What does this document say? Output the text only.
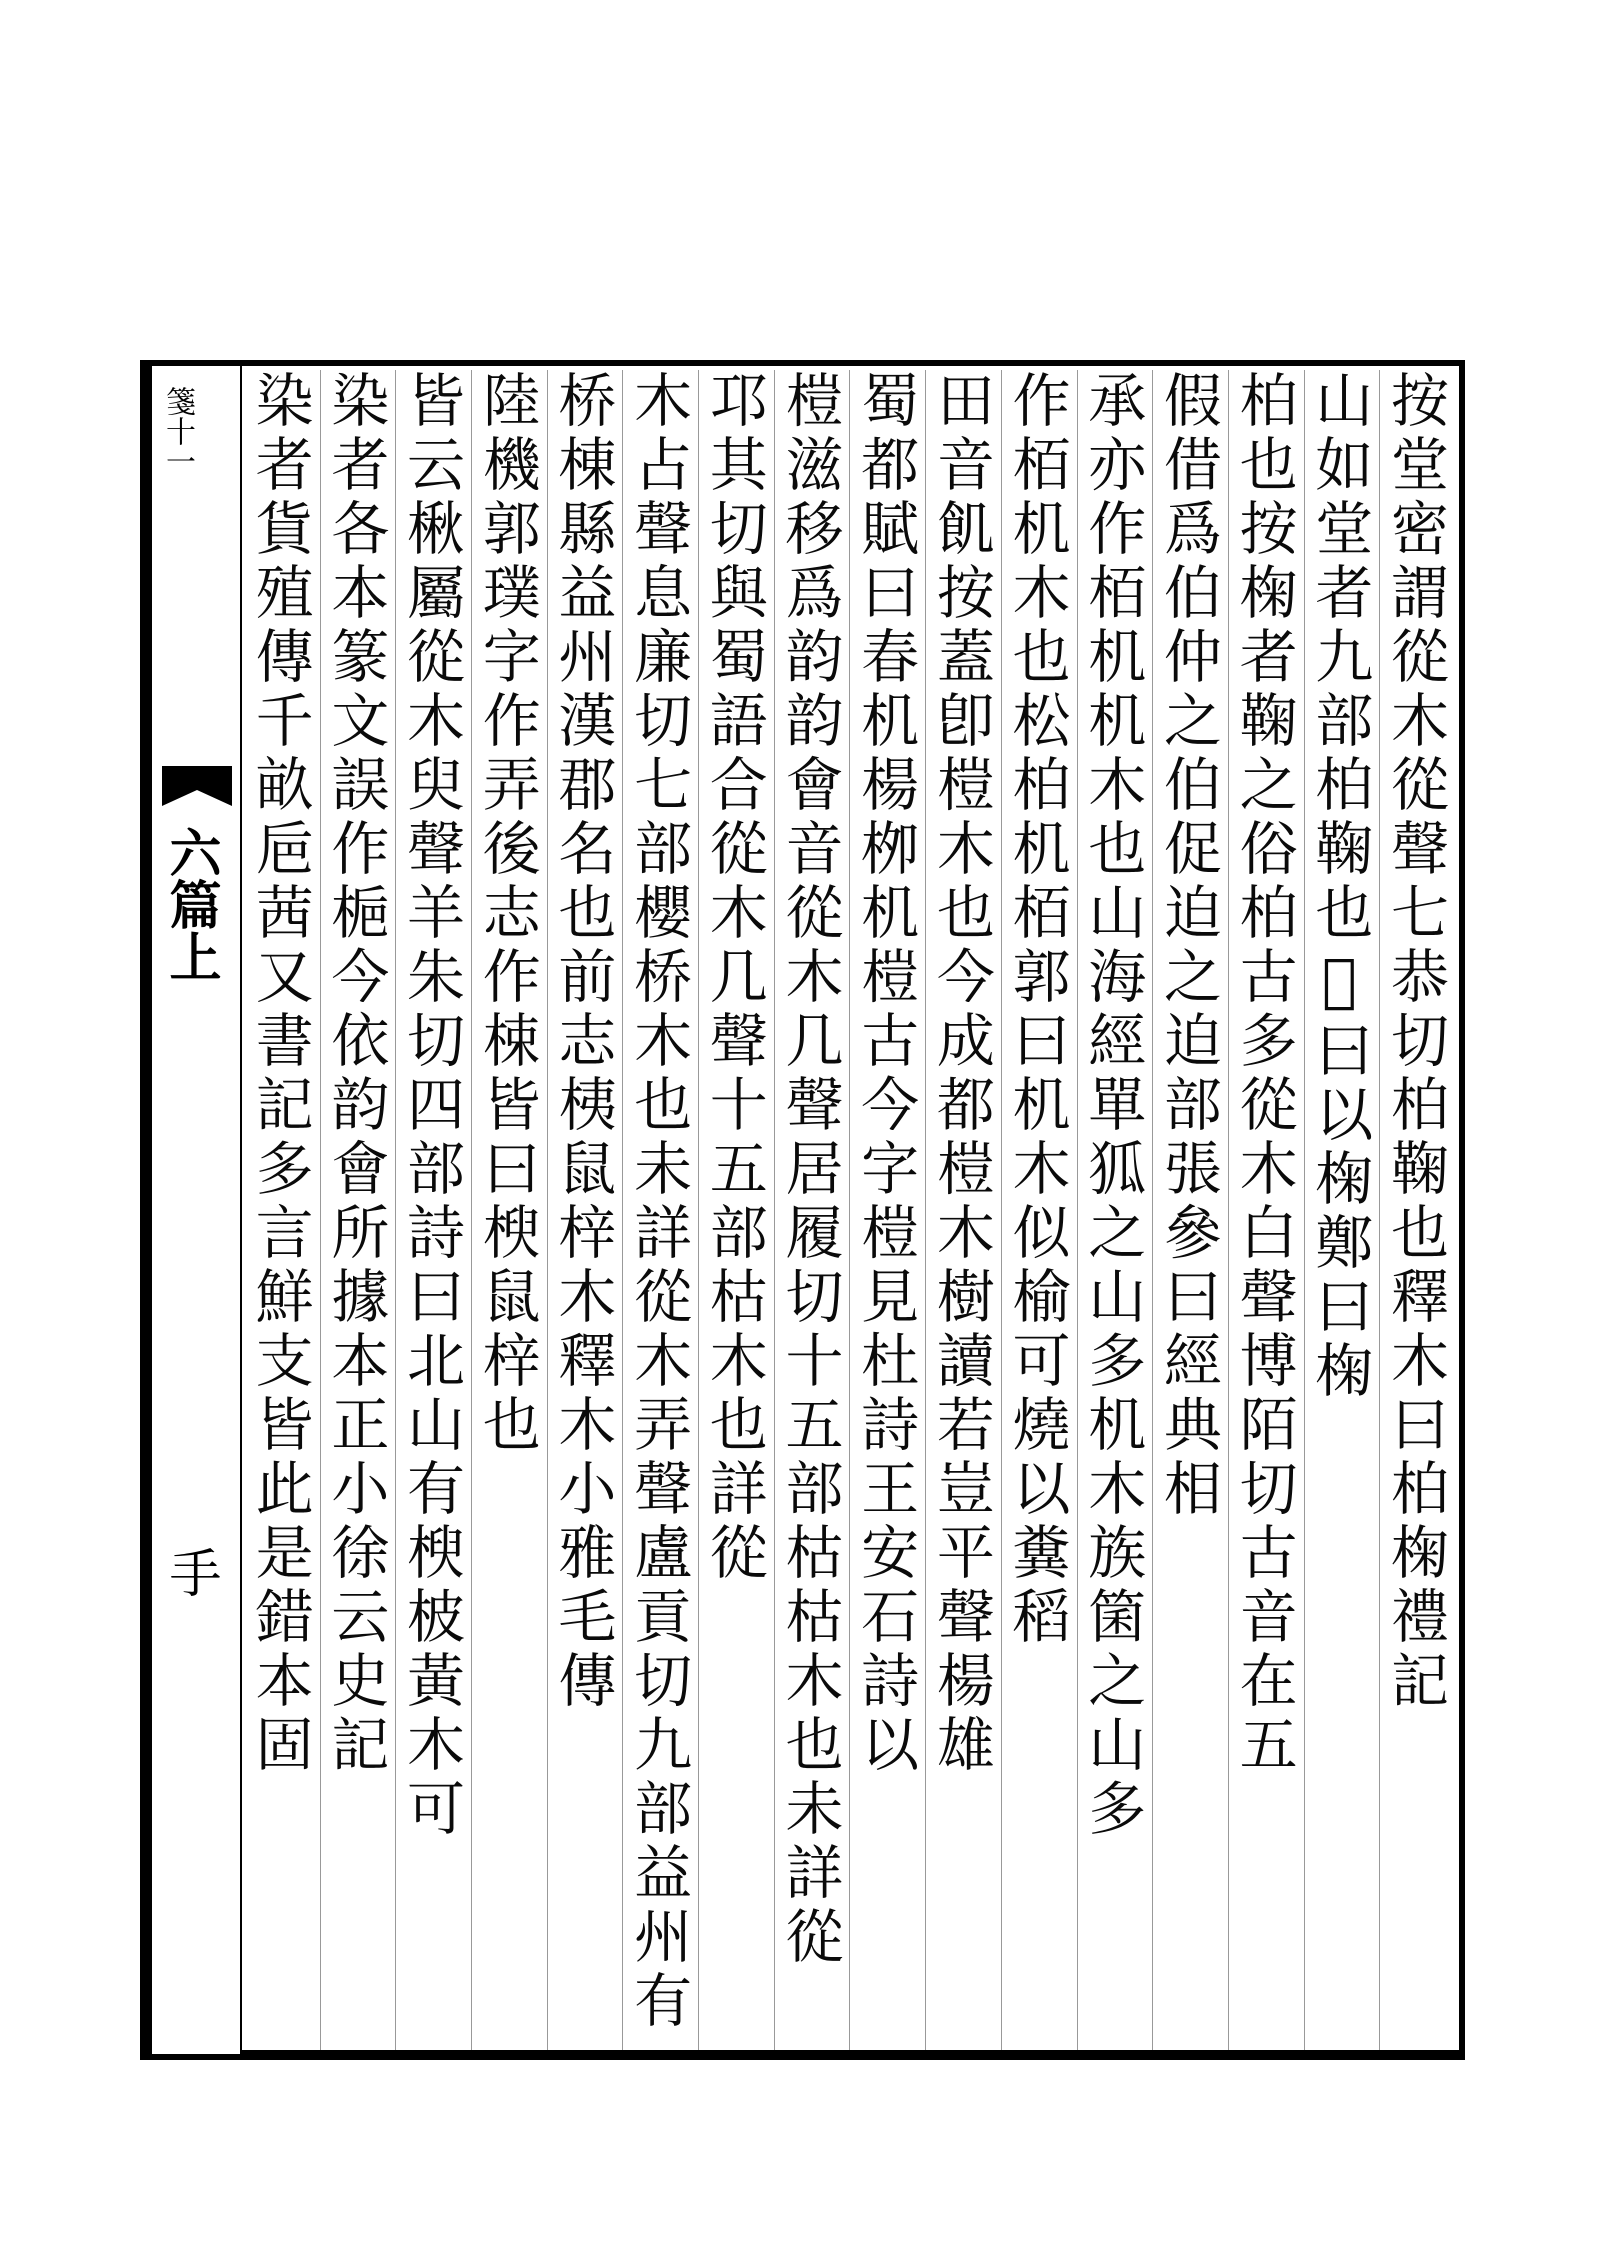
箋十一
六篇上
手	按堂密謂從木從聲七恭切柏鞠也釋木曰柏椈禮記
山如堂者九部柏鞠也𢈪曰以椈鄭曰椈
柏也按椈者鞠之俗柏古多從木白聲博陌切古音在五
假借爲伯仲之伯促迫之迫部張參曰經典相
承亦作栢机机木也山海經單狐之山多机木族箘之山多
作栢机木也松柏机栢郭曰机木似榆可燒以糞稻
田音飢按蓋卽榿木也今成都榿木樹讀若豈平聲楊雄
蜀都賦曰春机楊栁机榿古今字榿見杜詩王安石詩以
榿滋移爲韵韵會音從木几聲居履切十五部枯枯木也未詳從
邛其切與蜀語合從木几聲十五部枯木也詳從
木占聲息廉切七部櫻桥木也未詳從木弄聲盧貢切九部益州有
桥棟縣益州漢郡名也前志桋鼠梓木釋木小雅毛傳
陸機郭璞字作弄後志作梀皆曰楰鼠梓也
皆云楸屬從木臾聲羊朱切四部詩曰北山有楰柀黃木可
染者各本篆文誤作梔今依韵會所據本正小徐云史記
染者貨殖傳千畝巵茜又書記多言鮮支皆此是錯本固
